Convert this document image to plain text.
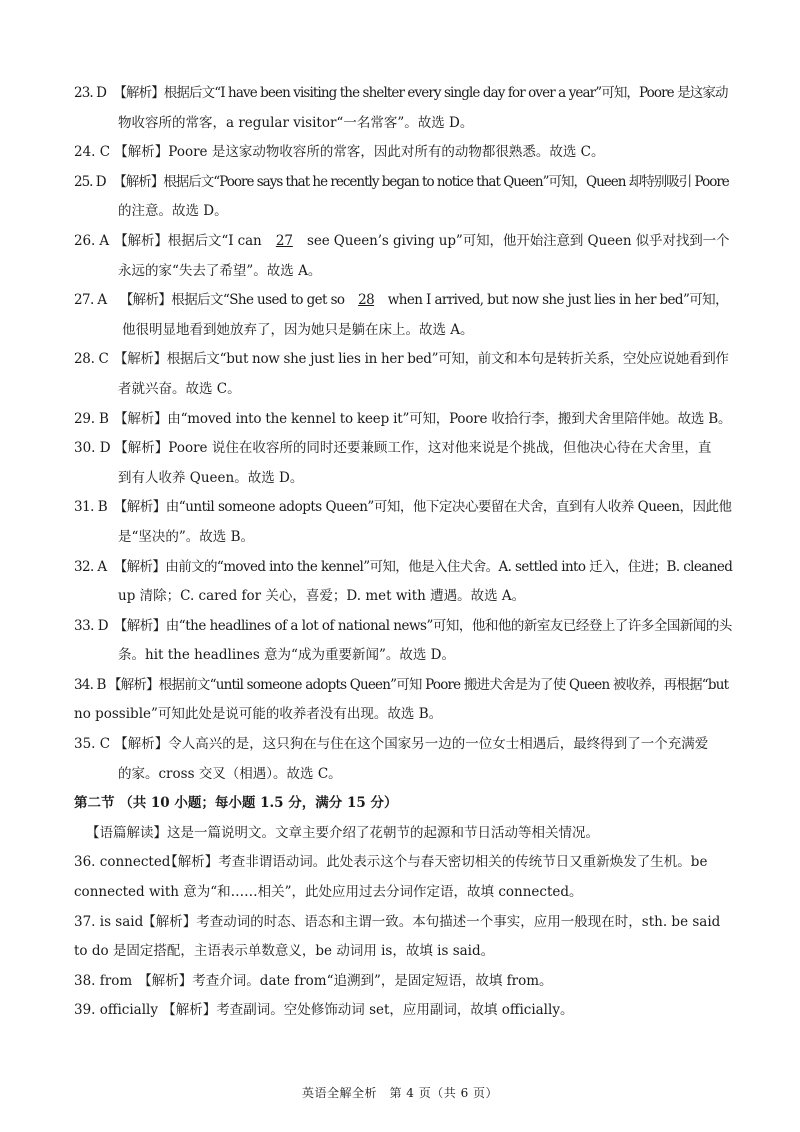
23. D 【解析】根据后文“I have been visiting the shelter every single day for over a year”可知，Poore 是这家动
物收容所的常客，a regular visitor“一名常客”。故选 D。
24. C 【解析】Poore 是这家动物收容所的常客，因此对所有的动物都很熟悉。故选 C。
25. D 【解析】根据后文“Poore says that he recently began to notice that Queen”可知，Queen 却特别吸引 Poore
的注意。故选 D。
26. A 【解析】根据后文“I can 27 see Queen’s giving up”可知，他开始注意到 Queen 似乎对找到一个
永远的家“失去了希望”。故选 A。
27. A 【解析】根据后文“She used to get so 28 when I arrived, but now she just lies in her bed”可知，
他很明显地看到她放弃了，因为她只是躺在床上。故选 A。
28. C 【解析】根据后文“but now she just lies in her bed”可知，前文和本句是转折关系，空处应说她看到作
者就兴奋。故选 C。
29. B 【解析】由“moved into the kennel to keep it”可知，Poore 收拾行李，搬到犬舍里陪伴她。故选 B。
30. D 【解析】Poore 说住在收容所的同时还要兼顾工作，这对他来说是个挑战，但他决心待在犬舍里，直
到有人收养 Queen。故选 D。
31. B 【解析】由“until someone adopts Queen”可知，他下定决心要留在犬舍，直到有人收养 Queen，因此他
是“坚决的”。故选 B。
32. A 【解析】由前文的“moved into the kennel”可知，他是入住犬舍。A. settled into 迁入，住进；B. cleaned
up 清除；C. cared for 关心，喜爱；D. met with 遭遇。故选 A。
33. D 【解析】由“the headlines of a lot of national news”可知，他和他的新室友已经登上了许多全国新闻的头
条。hit the headlines 意为“成为重要新闻”。故选 D。
34. B 【解析】根据前文“until someone adopts Queen”可知 Poore 搬进犬舍是为了使 Queen 被收养，再根据“but
no possible”可知此处是说可能的收养者没有出现。故选 B。
35. C 【解析】令人高兴的是，这只狗在与住在这个国家另一边的一位女士相遇后，最终得到了一个充满爱
的家。cross 交叉（相遇）。故选 C。
第二节 （共 10 小题；每小题 1.5 分，满分 15 分）
【语篇解读】这是一篇说明文。文章主要介绍了花朝节的起源和节日活动等相关情况。
36. connected 【解析】考查非谓语动词。此处表示这个与春天密切相关的传统节日又重新焕发了生机。be
connected with 意为“和……相关”，此处应用过去分词作定语，故填 connected。
37. is said 【解析】考查动词的时态、语态和主谓一致。本句描述一个事实，应用一般现在时，sth. be said
to do 是固定搭配，主语表示单数意义，be 动词用 is，故填 is said。
38. from 【解析】考查介词。date from“追溯到”，是固定短语，故填 from。
39. officially 【解析】考查副词。空处修饰动词 set，应用副词，故填 officially。
英语全解全析　第 4 页（共 6 页）
